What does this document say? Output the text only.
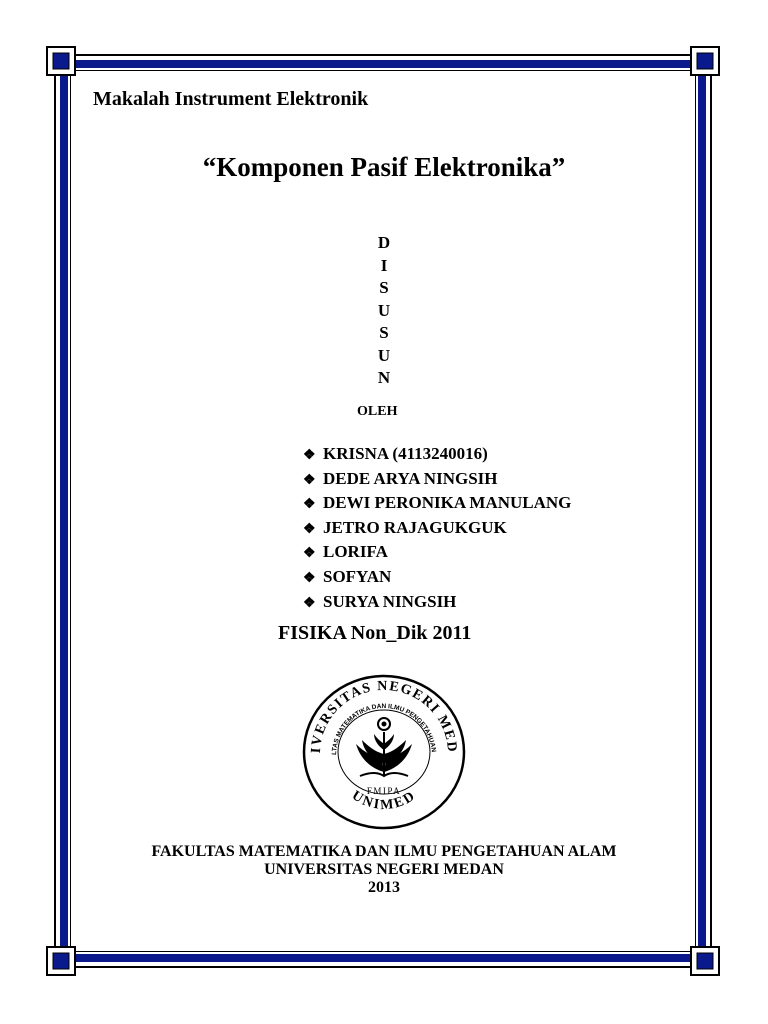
Makalah Instrument Elektronik
“Komponen Pasif Elektronika”
D
I
S
U
S
U
N
OLEH
❖ KRISNA (4113240016)
❖ DEDE ARYA NINGSIH
❖ DEWI PERONIKA MANULANG
❖ JETRO RAJAGUKGUK
❖ LORIFA
❖ SOFYAN
❖ SURYA NINGSIH
FISIKA Non_Dik 2011
IVERSITAS NEGERI MED
LTAS MATEMATIKA DAN ILMU PENGETAHUAN
FMIPA
UNIMED
FAKULTAS MATEMATIKA DAN ILMU PENGETAHUAN ALAM
UNIVERSITAS NEGERI MEDAN
2013
